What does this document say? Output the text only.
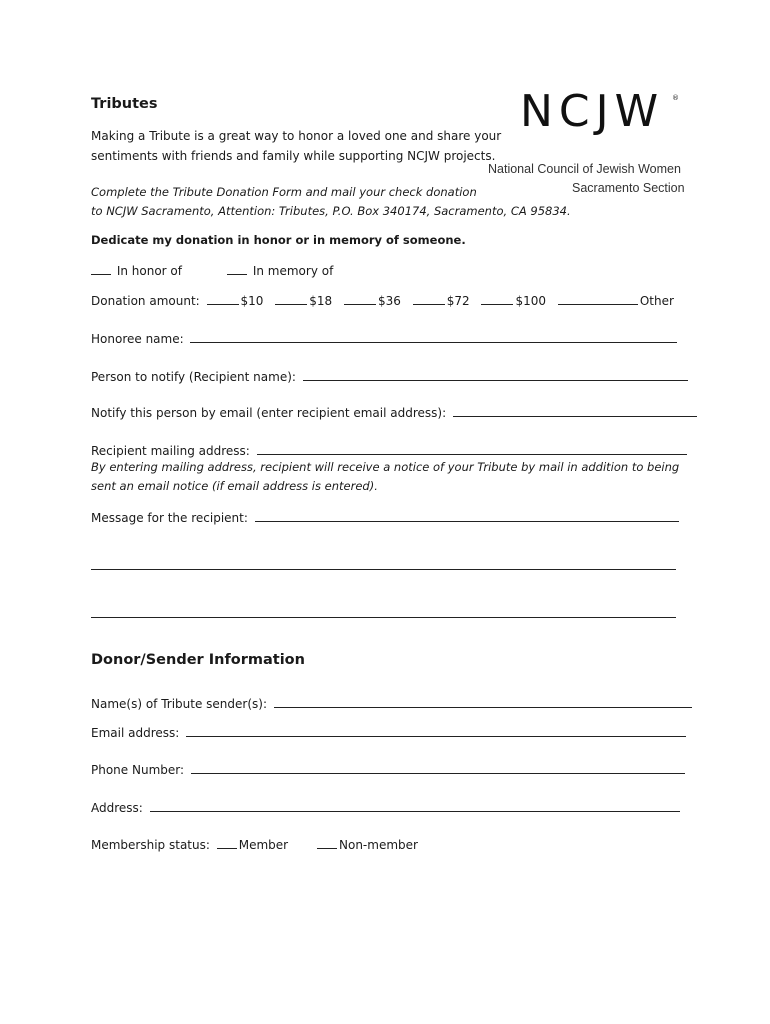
Tributes
Making a Tribute is a great way to honor a loved one and share your
sentiments with friends and family while supporting NCJW projects.
NCJW ®
National Council of Jewish Women
Sacramento Section
Complete the Tribute Donation Form and mail your check donation
to NCJW Sacramento, Attention: Tributes, P.O. Box 340174, Sacramento, CA 95834.
Dedicate my donation in honor or in memory of someone.
In honor of	In memory of
Donation amount:	$10	$18	$36	$72	$100	Other
Honoree name:
Person to notify (Recipient name):
Notify this person by email (enter recipient email address):
Recipient mailing address:
By entering mailing address, recipient will receive a notice of your Tribute by mail in addition to being
sent an email notice (if email address is entered).
Message for the recipient:
Donor/Sender Information
Name(s) of Tribute sender(s):
Email address:
Phone Number:
Address:
Membership status: Member	Non-member
